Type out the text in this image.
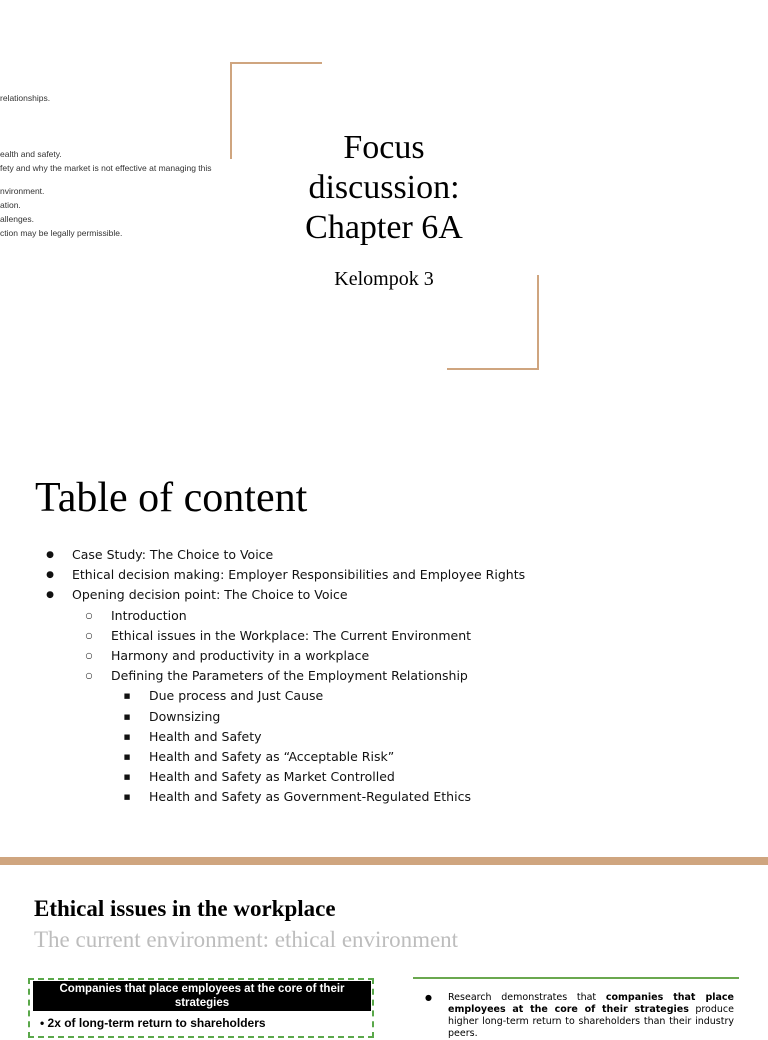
relationships.
ealth and safety.
fety and why the market is not effective at managing this
nvironment.
ation.
allenges.
ction may be legally permissible.
Focus
discussion:
Chapter 6A
Kelompok 3
Table of content
● Case Study: The Choice to Voice
● Ethical decision making: Employer Responsibilities and Employee Rights
● Opening decision point: The Choice to Voice
○ Introduction
○ Ethical issues in the Workplace: The Current Environment
○ Harmony and productivity in a workplace
○ Defining the Parameters of the Employment Relationship
■ Due process and Just Cause
■ Downsizing
■ Health and Safety
■ Health and Safety as “Acceptable Risk”
■ Health and Safety as Market Controlled
■ Health and Safety as Government-Regulated Ethics
Ethical issues in the workplace
The current environment: ethical environment
Companies that place employees at the core of their strategies
• 2x of long-term return to shareholders
● Research demonstrates that companies that place employees at the core of their strategies produce higher long-term return to shareholders than their industry peers.
